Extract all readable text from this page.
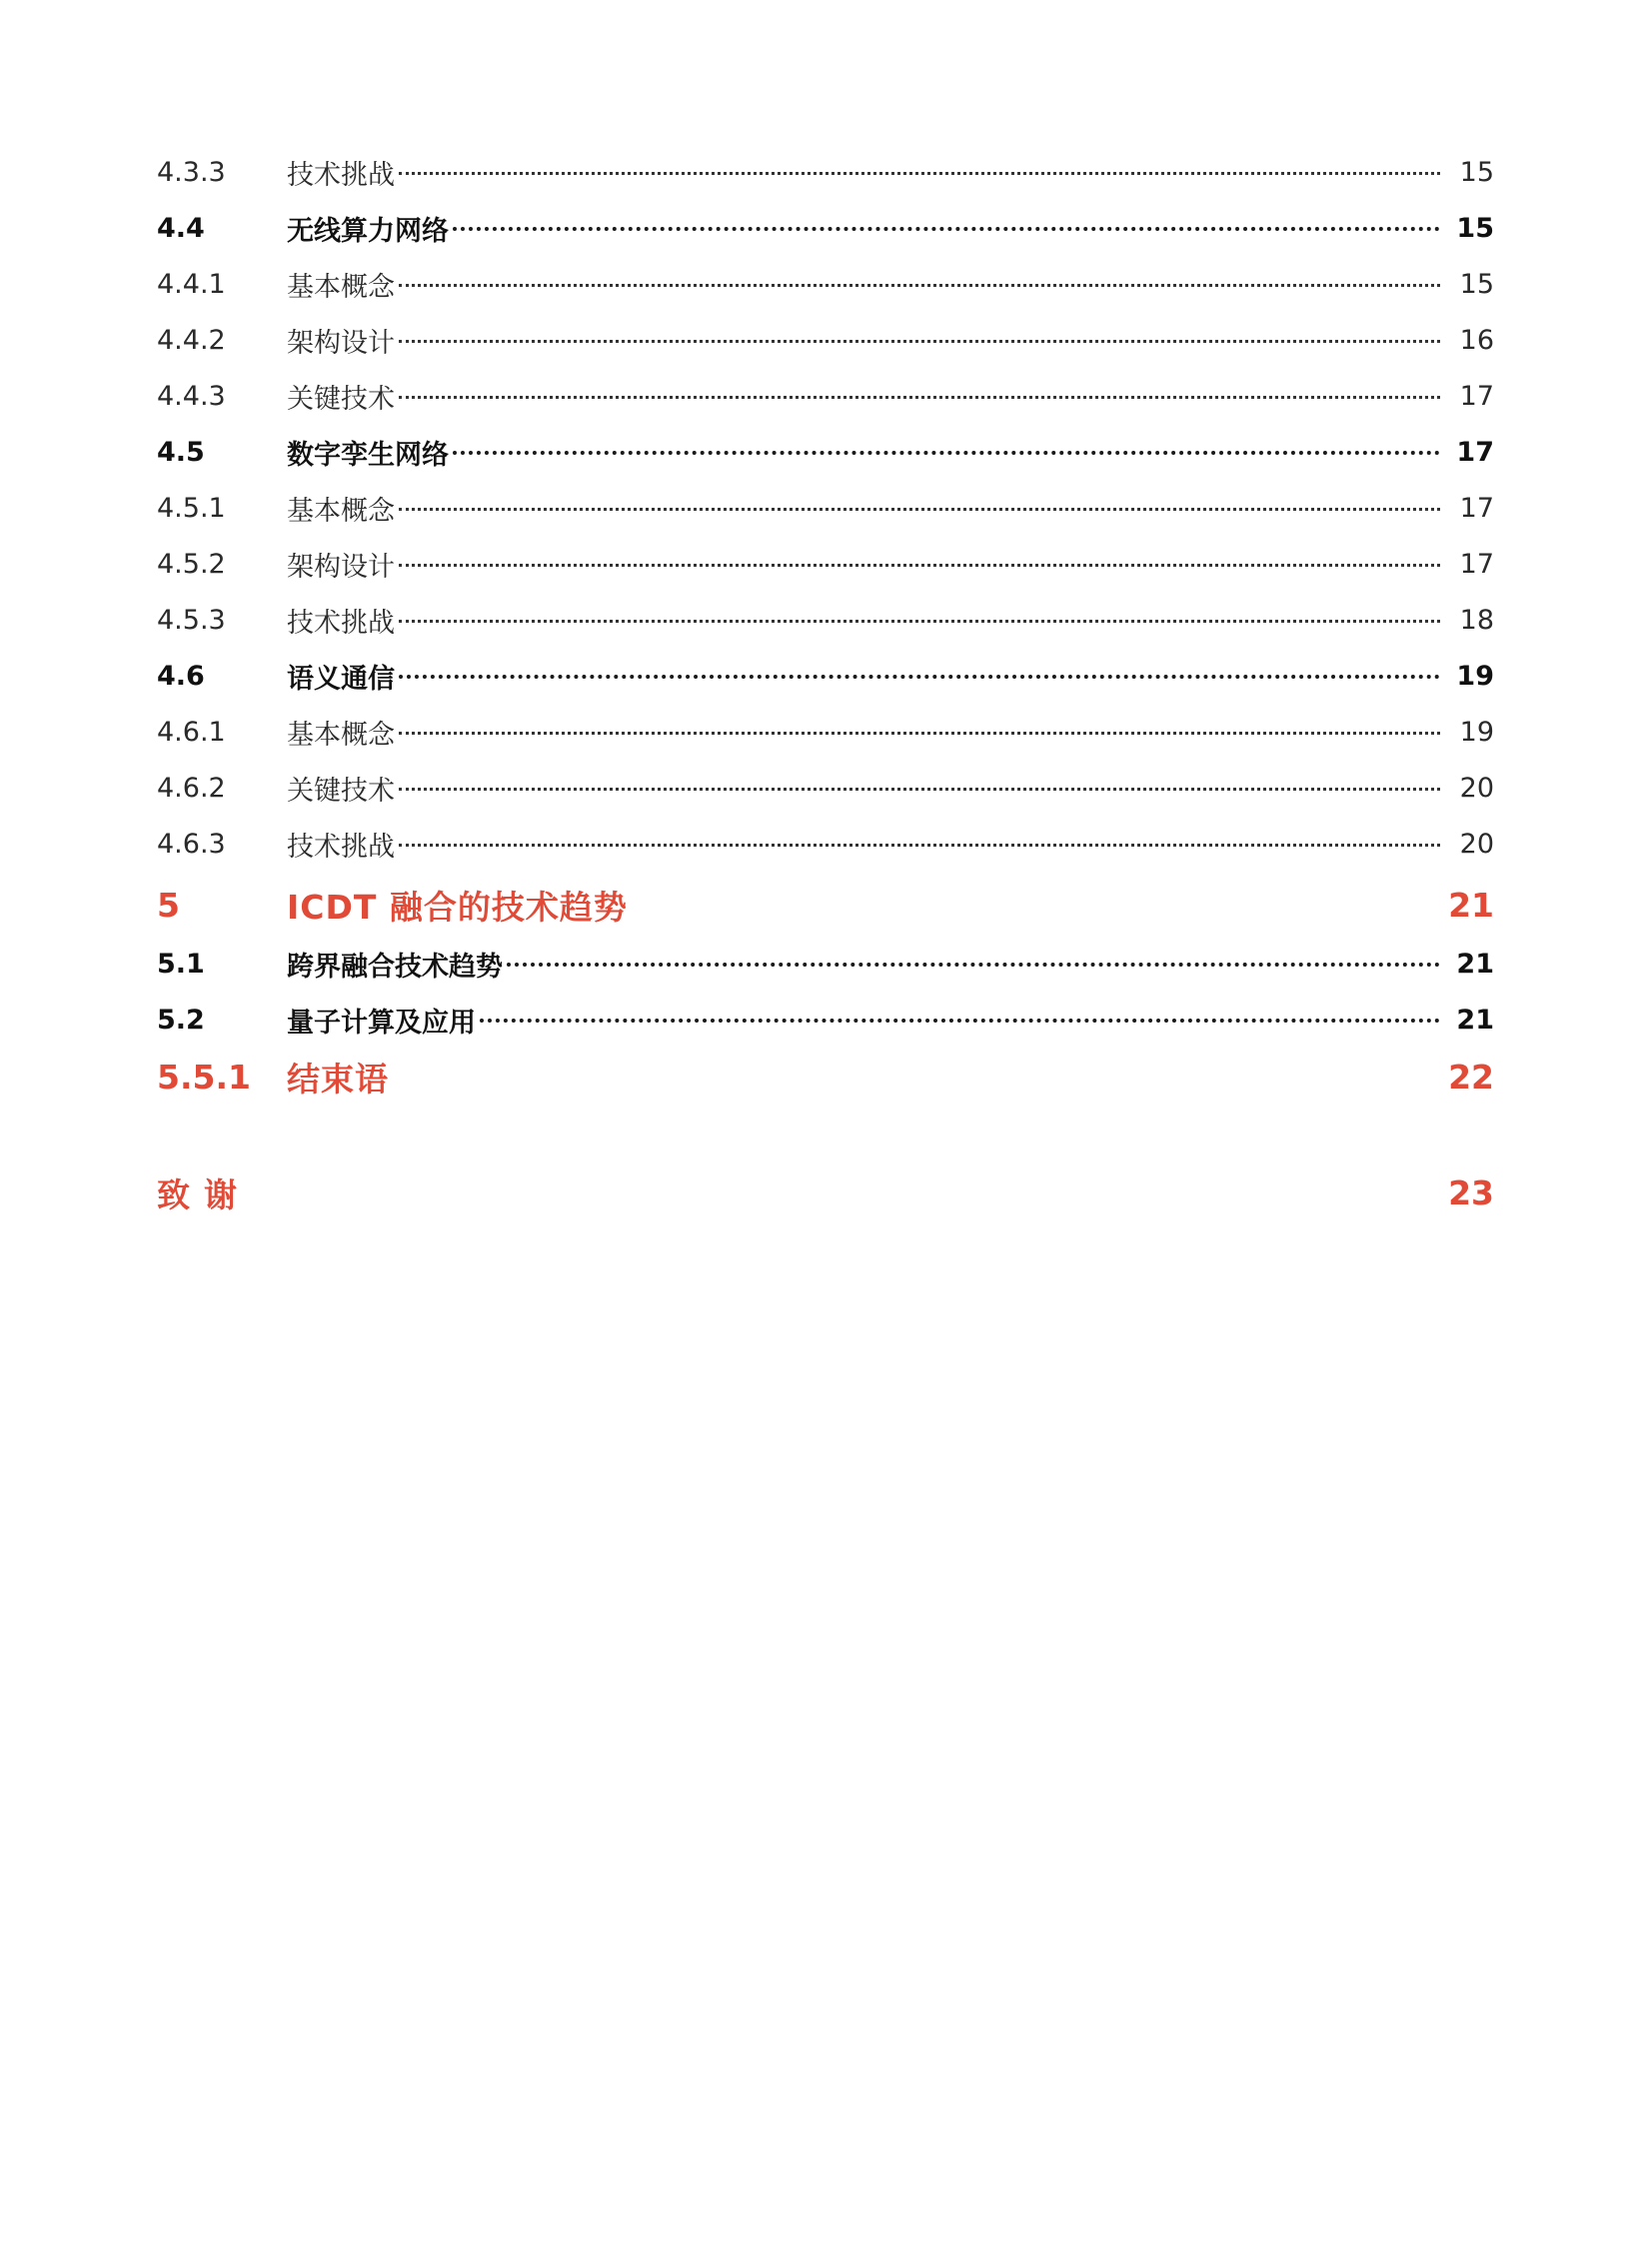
4.3.3	技术挑战	15
4.4	无线算力网络	15
4.4.1	基本概念	15
4.4.2	架构设计	16
4.4.3	关键技术	17
4.5	数字孪生网络	17
4.5.1	基本概念	17
4.5.2	架构设计	17
4.5.3	技术挑战	18
4.6	语义通信	19
4.6.1	基本概念	19
4.6.2	关键技术	20
4.6.3	技术挑战	20
5	ICDT 融合的技术趋势	21
5.1	跨界融合技术趋势	21
5.2	量子计算及应用	21
5.5.1	结束语	22
致谢	23
